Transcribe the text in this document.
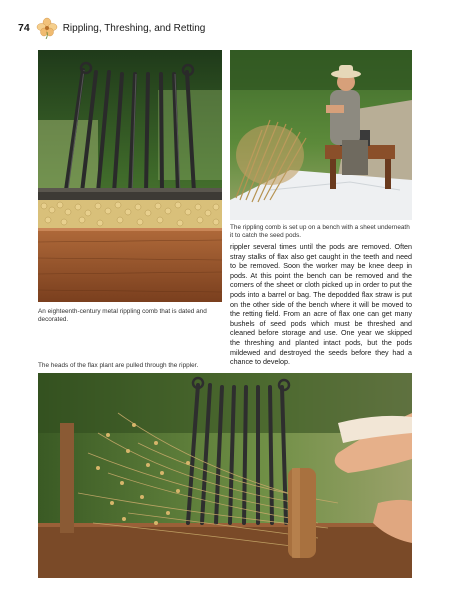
74	Rippling, Threshing, and Retting
An eighteenth-century metal rippling comb that is dated and decorated.
The rippling comb is set up on a bench with a sheet underneath it to catch the seed pods.
The heads of the flax plant are pulled through the rippler.
rippler several times until the pods are removed. Often stray stalks of flax also get caught in the teeth and need to be removed. Soon the worker may be knee deep in pods. At this point the bench can be removed and the corners of the sheet or cloth picked up in order to put the pods into a barrel or bag. The depodded flax straw is put on the other side of the bench where it will be moved to the retting field. From an acre of flax one can get many bushels of seed pods which must be threshed and cleaned before storage and use. One year we skipped the threshing and planted intact pods, but the pods mildewed and destroyed the seeds before they had a chance to develop.
